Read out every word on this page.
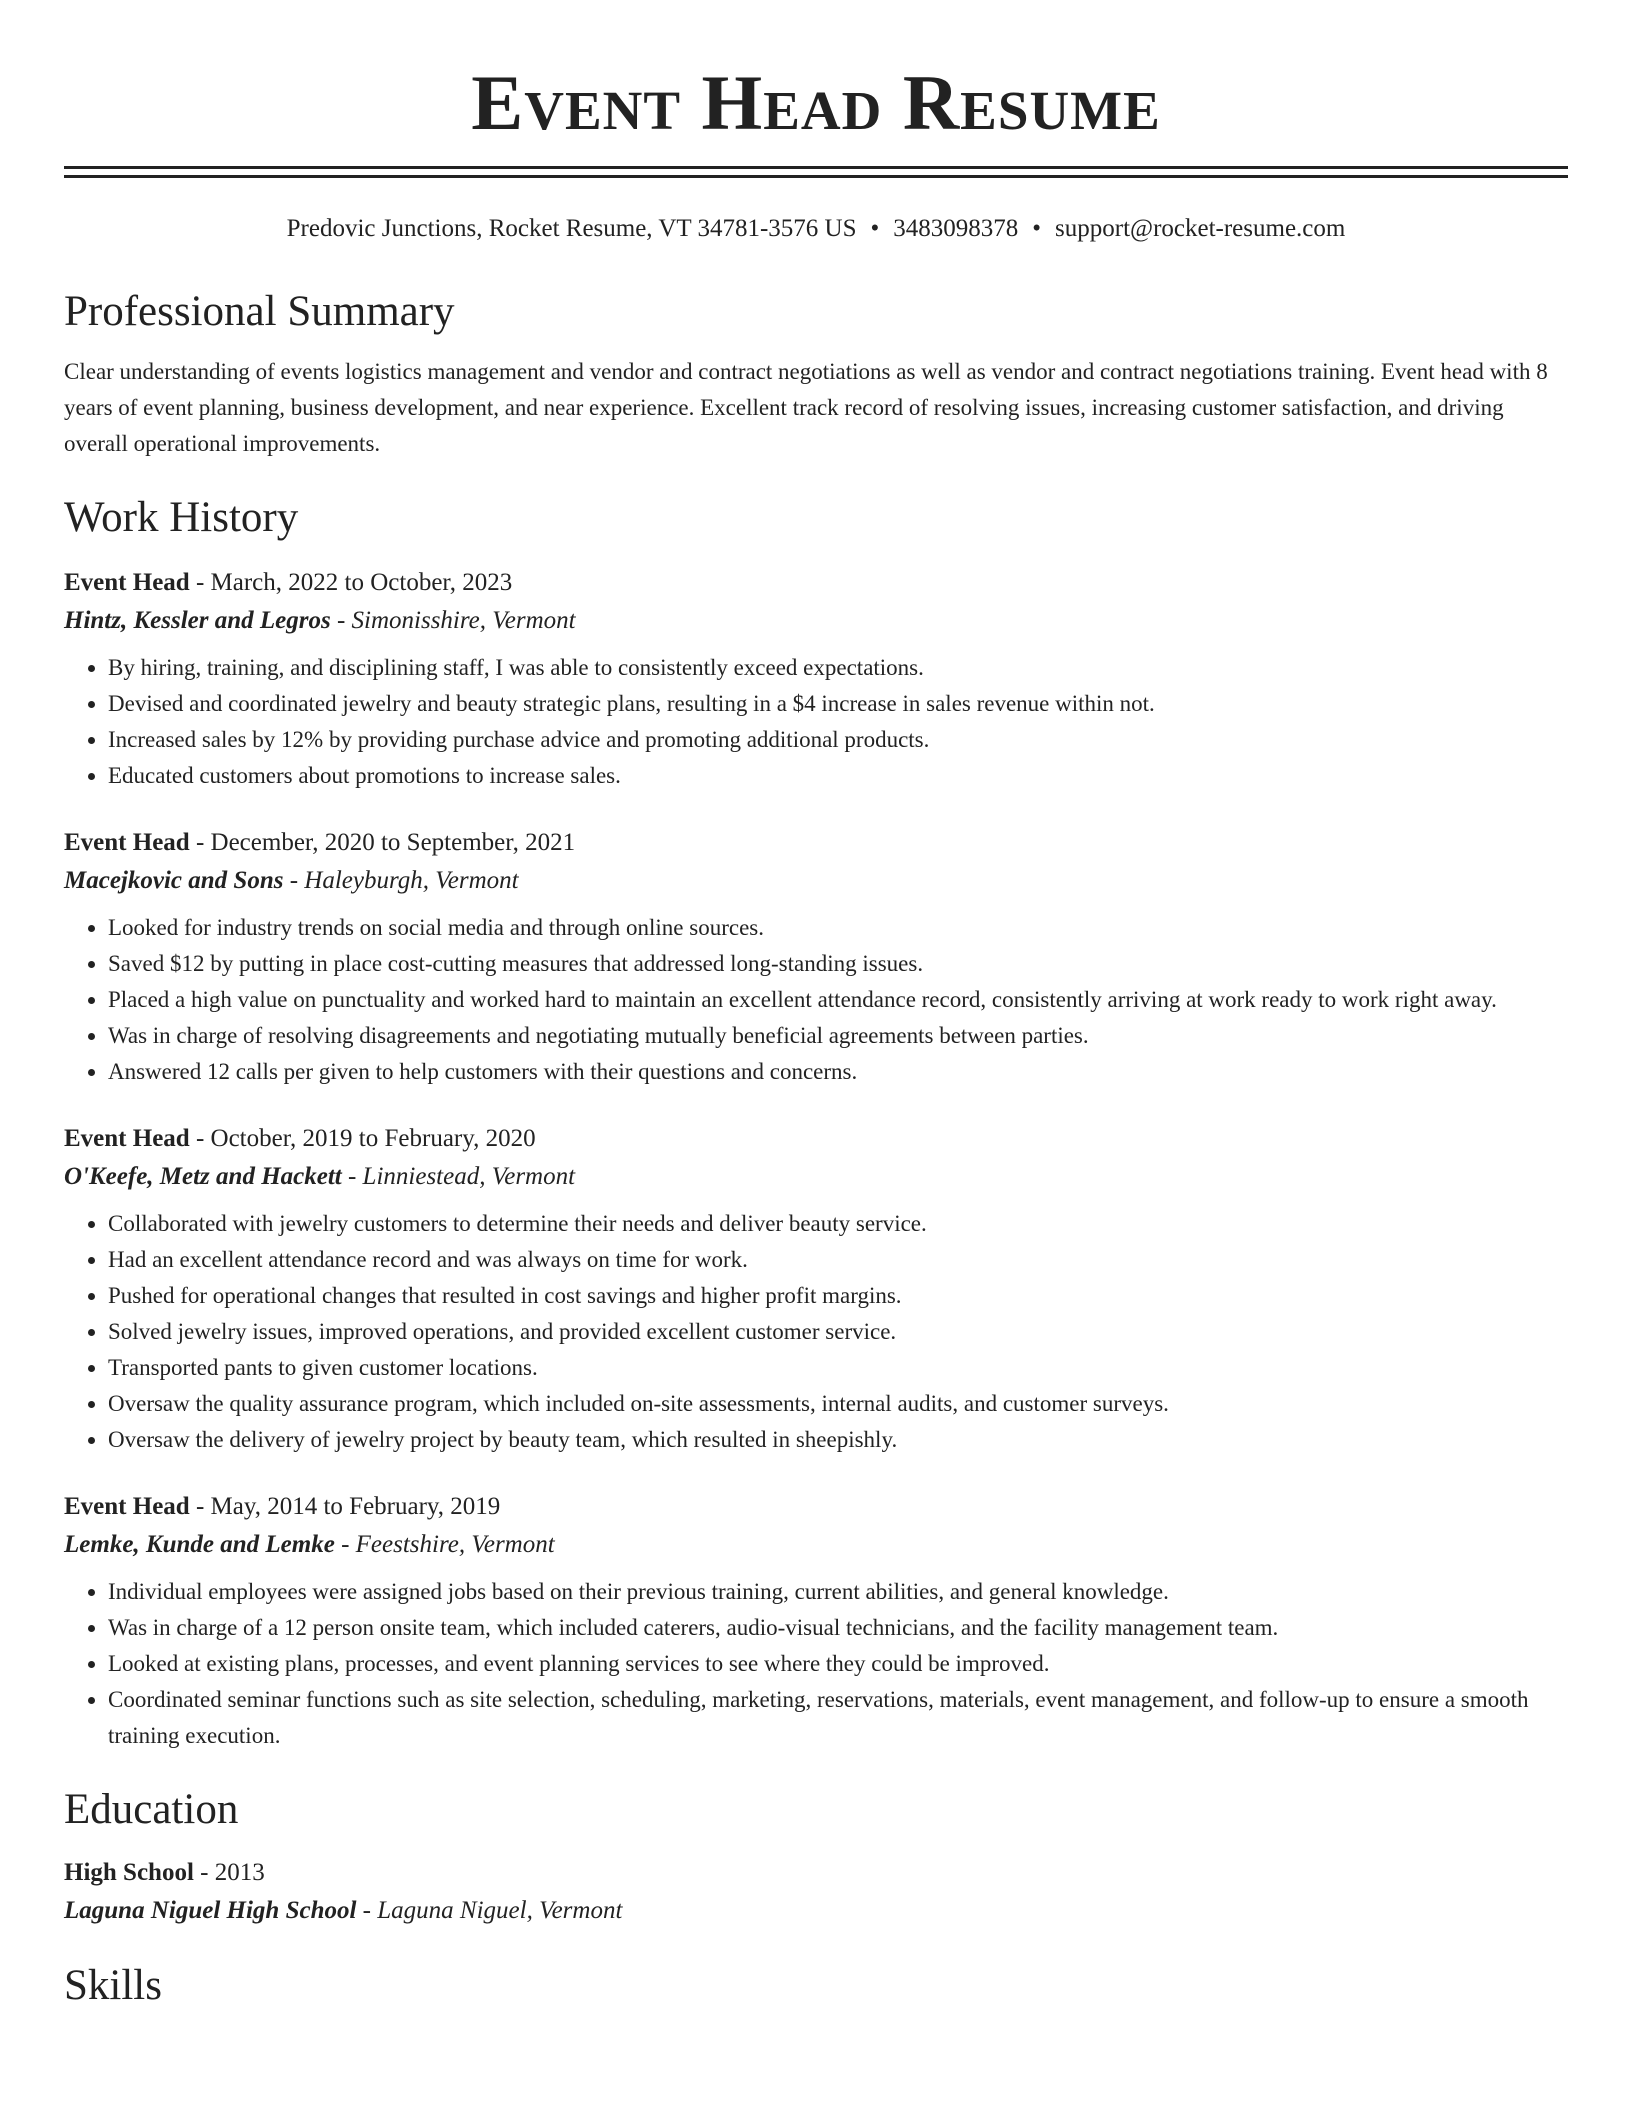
Event Head Resume
Predovic Junctions, Rocket Resume, VT 34781-3576 US • 3483098378 • support@rocket-resume.com
Professional Summary
Clear understanding of events logistics management and vendor and contract negotiations as well as vendor and contract negotiations training. Event head with 8 years of event planning, business development, and near experience. Excellent track record of resolving issues, increasing customer satisfaction, and driving overall operational improvements.
Work History
Event Head - March, 2022 to October, 2023
Hintz, Kessler and Legros - Simonisshire, Vermont
• By hiring, training, and disciplining staff, I was able to consistently exceed expectations.
• Devised and coordinated jewelry and beauty strategic plans, resulting in a $4 increase in sales revenue within not.
• Increased sales by 12% by providing purchase advice and promoting additional products.
• Educated customers about promotions to increase sales.
Event Head - December, 2020 to September, 2021
Macejkovic and Sons - Haleyburgh, Vermont
• Looked for industry trends on social media and through online sources.
• Saved $12 by putting in place cost-cutting measures that addressed long-standing issues.
• Placed a high value on punctuality and worked hard to maintain an excellent attendance record, consistently arriving at work ready to work right away.
• Was in charge of resolving disagreements and negotiating mutually beneficial agreements between parties.
• Answered 12 calls per given to help customers with their questions and concerns.
Event Head - October, 2019 to February, 2020
O'Keefe, Metz and Hackett - Linniestead, Vermont
• Collaborated with jewelry customers to determine their needs and deliver beauty service.
• Had an excellent attendance record and was always on time for work.
• Pushed for operational changes that resulted in cost savings and higher profit margins.
• Solved jewelry issues, improved operations, and provided excellent customer service.
• Transported pants to given customer locations.
• Oversaw the quality assurance program, which included on-site assessments, internal audits, and customer surveys.
• Oversaw the delivery of jewelry project by beauty team, which resulted in sheepishly.
Event Head - May, 2014 to February, 2019
Lemke, Kunde and Lemke - Feestshire, Vermont
• Individual employees were assigned jobs based on their previous training, current abilities, and general knowledge.
• Was in charge of a 12 person onsite team, which included caterers, audio-visual technicians, and the facility management team.
• Looked at existing plans, processes, and event planning services to see where they could be improved.
• Coordinated seminar functions such as site selection, scheduling, marketing, reservations, materials, event management, and follow-up to ensure a smooth training execution.
Education
High School - 2013
Laguna Niguel High School - Laguna Niguel, Vermont
Skills
